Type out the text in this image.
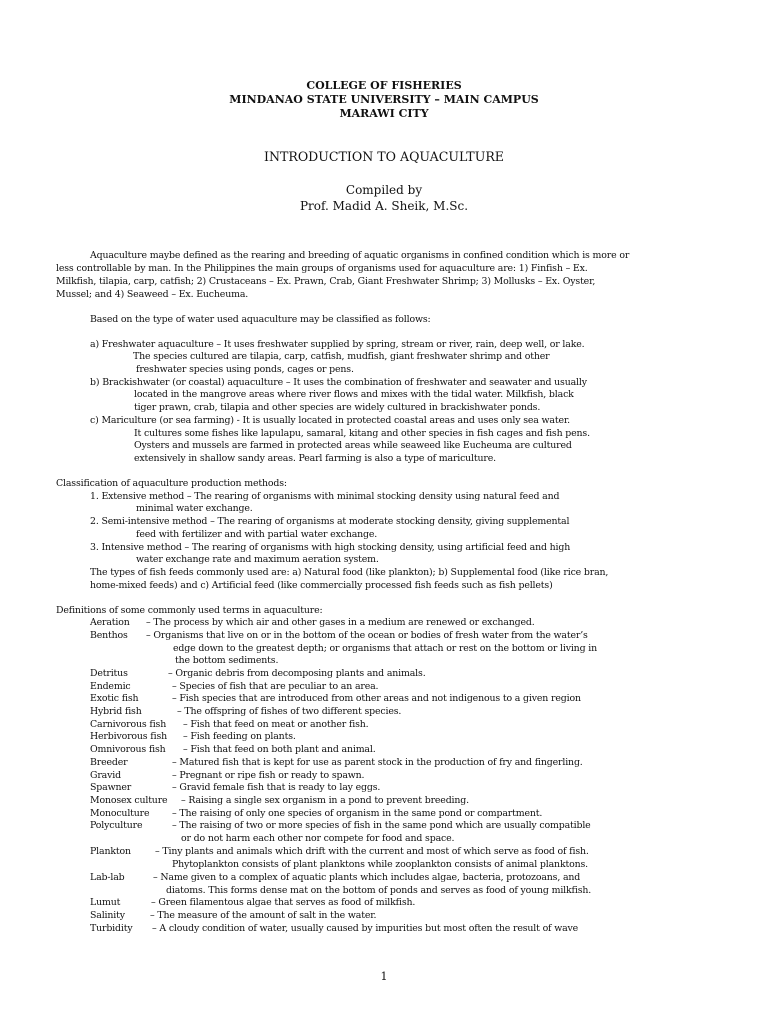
COLLEGE OF FISHERIES
MINDANAO STATE UNIVERSITY – MAIN CAMPUS
MARAWI CITY
INTRODUCTION TO AQUACULTURE
Compiled by
Prof. Madid A. Sheik, M.Sc.
Aquaculture maybe defined as the rearing and breeding of aquatic organisms in confined condition which is more or
less controllable by man. In the Philippines the main groups of organisms used for aquaculture are: 1) Finfish – Ex.
Milkfish, tilapia, carp, catfish; 2) Crustaceans – Ex. Prawn, Crab, Giant Freshwater Shrimp; 3) Mollusks – Ex. Oyster,
Mussel; and 4) Seaweed – Ex. Eucheuma.
Based on the type of water used aquaculture may be classified as follows:
a) Freshwater aquaculture – It uses freshwater supplied by spring, stream or river, rain, deep well, or lake.
The species cultured are tilapia, carp, catfish, mudfish, giant freshwater shrimp and other
freshwater species using ponds, cages or pens.
b) Brackishwater (or coastal) aquaculture – It uses the combination of freshwater and seawater and usually
located in the mangrove areas where river flows and mixes with the tidal water. Milkfish, black
tiger prawn, crab, tilapia and other species are widely cultured in brackishwater ponds.
c) Mariculture (or sea farming) - It is usually located in protected coastal areas and uses only sea water.
It cultures some fishes like lapulapu, samaral, kitang and other species in fish cages and fish pens.
Oysters and mussels are farmed in protected areas while seaweed like Eucheuma are cultured
extensively in shallow sandy areas. Pearl farming is also a type of mariculture.
Classification of aquaculture production methods:
1. Extensive method – The rearing of organisms with minimal stocking density using natural feed and
minimal water exchange.
2. Semi-intensive method – The rearing of organisms at moderate stocking density, giving supplemental
feed with fertilizer and with partial water exchange.
3. Intensive method – The rearing of organisms with high stocking density, using artificial feed and high
water exchange rate and maximum aeration system.
The types of fish feeds commonly used are: a) Natural food (like plankton); b) Supplemental food (like rice bran,
home-mixed feeds) and c) Artificial feed (like commercially processed fish feeds such as fish pellets)
Definitions of some commonly used terms in aquaculture:
Aeration – The process by which air and other gases in a medium are renewed or exchanged.
Benthos – Organisms that live on or in the bottom of the ocean or bodies of fresh water from the water’s
edge down to the greatest depth; or organisms that attach or rest on the bottom or living in
the bottom sediments.
Detritus	– Organic debris from decomposing plants and animals.
Endemic	– Species of fish that are peculiar to an area.
Exotic fish	– Fish species that are introduced from other areas and not indigenous to a given region
Hybrid fish	– The offspring of fishes of two different species.
Carnivorous fish – Fish that feed on meat or another fish.
Herbivorous fish – Fish feeding on plants.
Omnivorous fish – Fish that feed on both plant and animal.
Breeder	– Matured fish that is kept for use as parent stock in the production of fry and fingerling.
Gravid	– Pregnant or ripe fish or ready to spawn.
Spawner	– Gravid female fish that is ready to lay eggs.
Monosex culture – Raising a single sex organism in a pond to prevent breeding.
Monoculture – The raising of only one species of organism in the same pond or compartment.
Polyculture	– The raising of two or more species of fish in the same pond which are usually compatible
or do not harm each other nor compete for food and space.
Plankton	– Tiny plants and animals which drift with the current and most of which serve as food of fish.
Phytoplankton consists of plant planktons while zooplankton consists of animal planktons.
Lab-lab	– Name given to a complex of aquatic plants which includes algae, bacteria, protozoans, and
diatoms. This forms dense mat on the bottom of ponds and serves as food of young milkfish.
Lumut	– Green filamentous algae that serves as food of milkfish.
Salinity	– The measure of the amount of salt in the water.
Turbidity – A cloudy condition of water, usually caused by impurities but most often the result of wave
1
